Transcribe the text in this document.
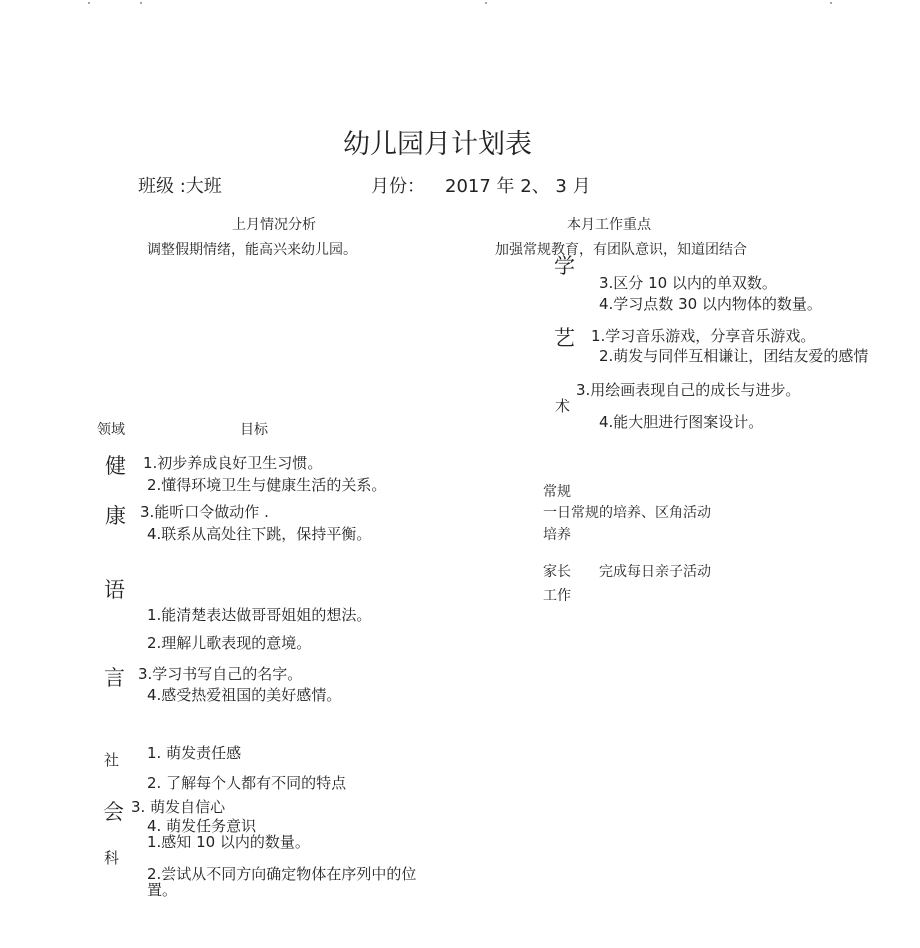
幼儿园月计划表
班级 :大班	月份： 2017 年 2、 3 月
上月情况分析
调整假期情绪，能高兴来幼儿园。
本月工作重点
加强常规教育，有团队意识，知道团结合
学
3.区分 10 以内的单双数。
4.学习点数 30 以内物体的数量。
艺 1.学习音乐游戏，分享音乐游戏。
2.萌发与同伴互相谦让，团结友爱的感情
3.用绘画表现自己的成长与进步。
术
4.能大胆进行图案设计。
领域	目标
健 1.初步养成良好卫生习惯。
2.懂得环境卫生与健康生活的关系。
康 3.能听口令做动作 .
4.联系从高处往下跳，保持平衡。
常规
一日常规的培养、区角活动
培养
家长 完成每日亲子活动
工作
语
1.能清楚表达做哥哥姐姐的想法。
2.理解儿歌表现的意境。
言 3.学习书写自己的名字。
4.感受热爱祖国的美好感情。
社 1. 萌发责任感
2. 了解每个人都有不同的特点
会 3. 萌发自信心
4. 萌发任务意识
科
1.感知 10 以内的数量。
2.尝试从不同方向确定物体在序列中的位置。
